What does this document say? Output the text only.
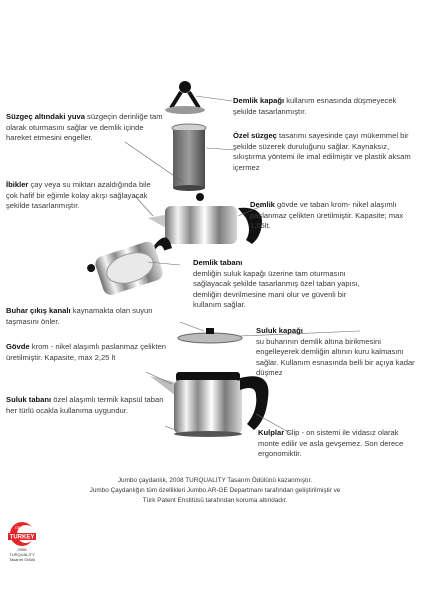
Demlik kapağı kullanım esnasında düşmeyecek şekilde tasarlanmıştır.
Süzgeç altındaki yuva süzgeçin derinliğe tam olarak oturmasını sağlar ve demlik içinde hareket etmesini engeller.	Özel süzgeç tasarımı sayesinde çayı mükemmel bir şekilde süzerek duruluğunu sağlar. Kaynaksız, sıkıştırma yöntemi ile imal edilmiştir ve plastik aksam içermez
İbikler çay veya su miktarı azaldığında bile çok hafif bir eğimle kolay akışı sağlayacak şekilde tasarlanmıştır.	Demlik gövde ve taban krom- nikel alaşımlı paslanmaz çelikten üretilmiştir. Kapasite; max 1,05lt.
Demlik tabanı
demliğin suluk kapağı üzerine tam oturmasını sağlayacak şekilde tasarlanmış özel taban yapısı, demliğin devrilmesine mani olur ve güvenli bir kullanım sağlar.
Buhar çıkış kanalı kaynamakta olan suyun taşmasını önler.
Suluk kapağı
su buharının demlik altına birikmesini engelleyerek demliğin altının kuru kalmasını sağlar. Kullanım esnasında belli bir açıya kadar düşmez
Gövde krom - nikel alaşımlı paslanmaz çelikten üretilmiştir. Kapasite, max 2,25 lt
Suluk tabanı özel alaşımlı termik kapsül taban her türlü ocakla kullanıma uygundur.
Kulplar Clip - on sistemi ile vidasız olarak monte edilir ve asla gevşemez. Son derece ergonomiktir.
Jumbo çaydanlık, 2008 TURQUALITY Tasarım Ödülünü kazanmıştır.
Jumbo Çaydanlığın tüm özellikleri Jumbo AR-GE Departmanı tarafından geliştirilmiştir ve
Türk Patent Enstitüsü tarafından koruma altındadır.
DESIGN
TURKEY
2008
TURQUALITY
Tasarım Ödülü
